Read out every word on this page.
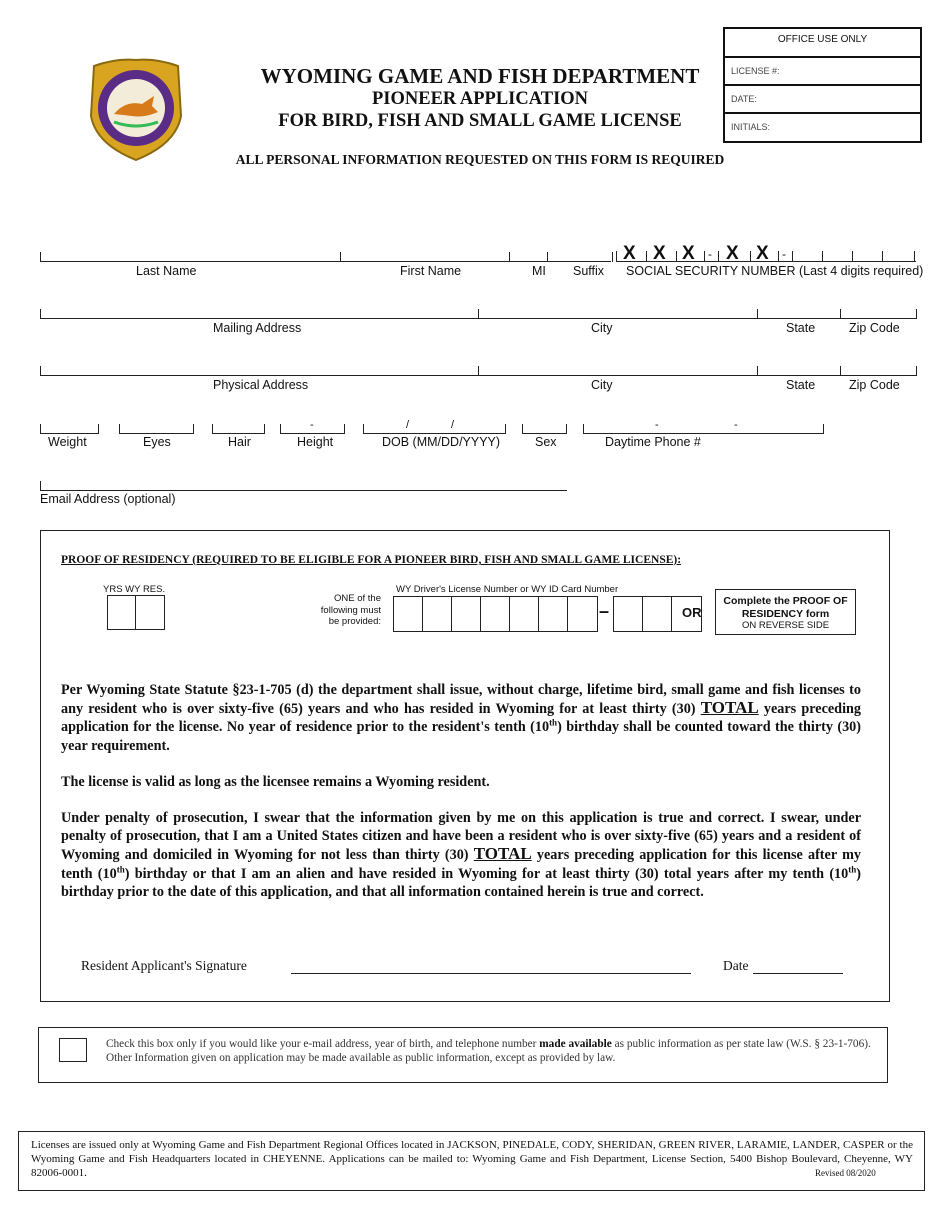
WYOMING GAME AND FISH DEPARTMENT
PIONEER APPLICATION
FOR BIRD, FISH AND SMALL GAME LICENSE
ALL PERSONAL INFORMATION REQUESTED ON THIS FORM IS REQUIRED
OFFICE USE ONLY
LICENSE #:
DATE:
INITIALS:
X X X - X X -
Last Name	First Name	MI Suffix SOCIAL SECURITY NUMBER (Last 4 digits required)
Mailing Address	City	State	Zip Code
Physical Address	City	State	Zip Code
-	/	/	-	-
Weight	Eyes	Hair	Height	DOB (MM/DD/YYYY)	Sex	Daytime Phone #
Email Address (optional)
PROOF OF RESIDENCY (REQUIRED TO BE ELIGIBLE FOR A PIONEER BIRD, FISH AND SMALL GAME LICENSE):
YRS WY RES.
ONE of the
following must
be provided:
WY Driver's License Number or WY ID Card Number
–	OR
Complete the PROOF OF
RESIDENCY form
ON REVERSE SIDE

Per Wyoming State Statute §23-1-705 (d) the department shall issue, without charge, lifetime bird, small game and fish licenses to any resident who is over sixty-five (65) years and who has resided in Wyoming for at least thirty (30) TOTAL years preceding application for the license. No year of residence prior to the resident's tenth (10th) birthday shall be counted toward the thirty (30) year requirement.

The license is valid as long as the licensee remains a Wyoming resident.

Under penalty of prosecution, I swear that the information given by me on this application is true and correct. I swear, under penalty of prosecution, that I am a United States citizen and have been a resident who is over sixty-five (65) years and a resident of Wyoming and domiciled in Wyoming for not less than thirty (30) TOTAL years preceding application for this license after my tenth (10th) birthday or that I am an alien and have resided in Wyoming for at least thirty (30) total years after my tenth (10th) birthday prior to the date of this application, and that all information contained herein is true and correct.

Resident Applicant's Signature	Date
Check this box only if you would like your e-mail address, year of birth, and telephone number made available as public information as per state law (W.S. § 23-1-706). Other Information given on application may be made available as public information, except as provided by law.
Licenses are issued only at Wyoming Game and Fish Department Regional Offices located in JACKSON, PINEDALE, CODY, SHERIDAN, GREEN RIVER, LARAMIE, LANDER, CASPER or the Wyoming Game and Fish Headquarters located in CHEYENNE. Applications can be mailed to: Wyoming Game and Fish Department, License Section, 5400 Bishop Boulevard, Cheyenne, WY 82006-0001.	Revised 08/2020
